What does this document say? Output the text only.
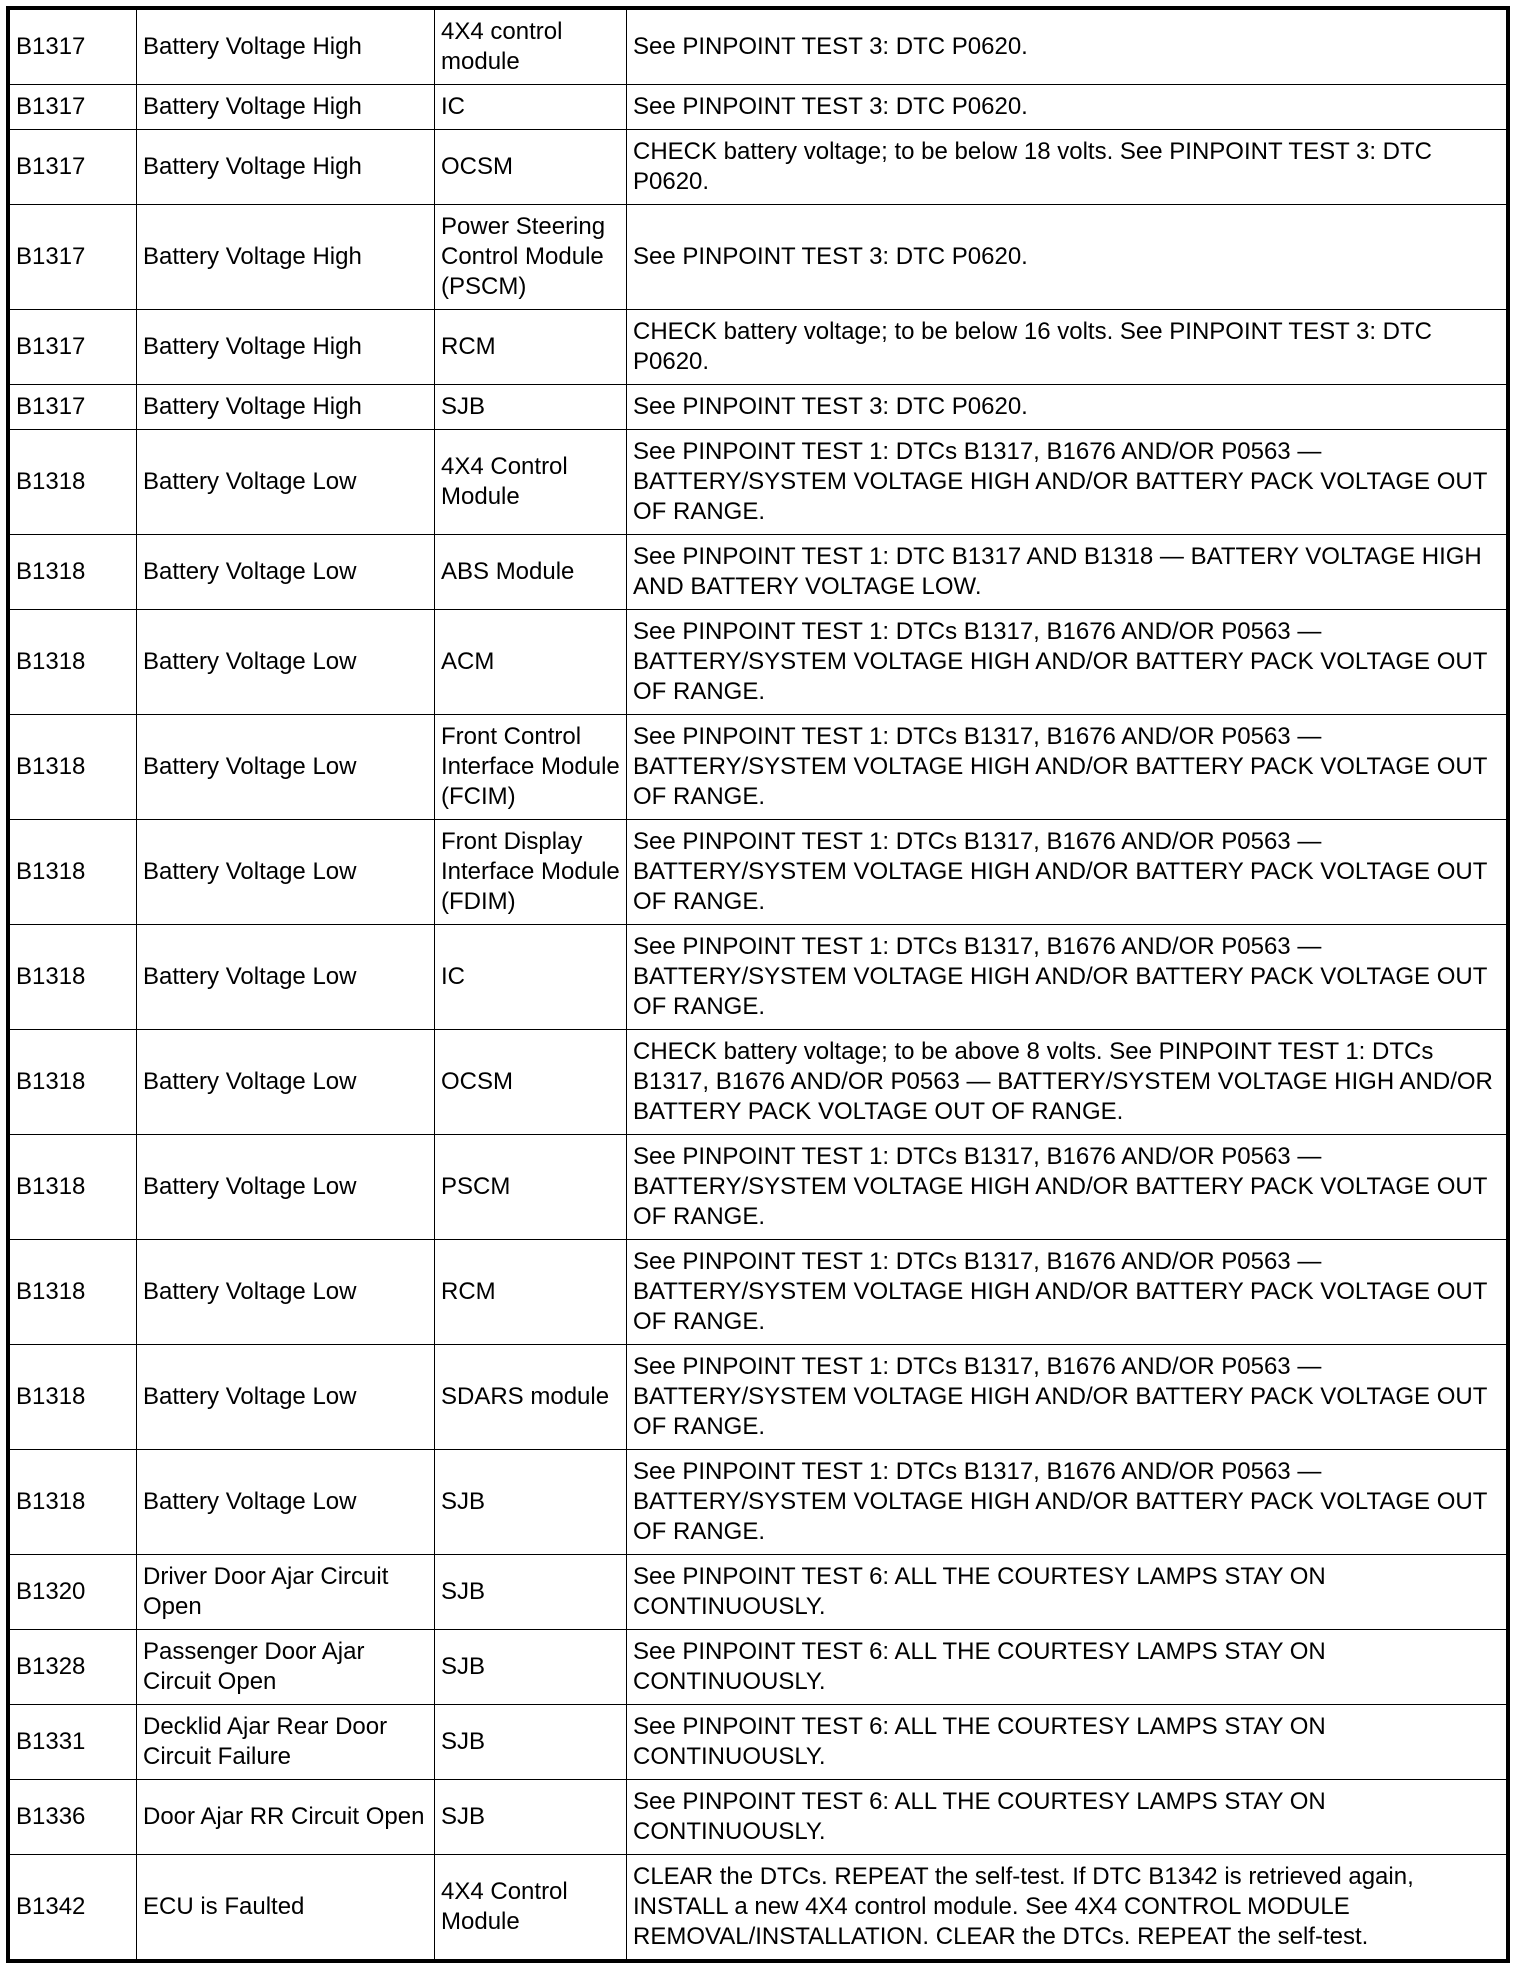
B1317	Battery Voltage High	4X4 control module	See PINPOINT TEST 3: DTC P0620.
B1317	Battery Voltage High	IC	See PINPOINT TEST 3: DTC P0620.
B1317	Battery Voltage High	OCSM	CHECK battery voltage; to be below 18 volts. See PINPOINT TEST 3: DTC P0620.
B1317	Battery Voltage High	Power Steering Control Module (PSCM)	See PINPOINT TEST 3: DTC P0620.
B1317	Battery Voltage High	RCM	CHECK battery voltage; to be below 16 volts. See PINPOINT TEST 3: DTC P0620.
B1317	Battery Voltage High	SJB	See PINPOINT TEST 3: DTC P0620.
B1318	Battery Voltage Low	4X4 Control Module	See PINPOINT TEST 1: DTCs B1317, B1676 AND/OR P0563 — BATTERY/SYSTEM VOLTAGE HIGH AND/OR BATTERY PACK VOLTAGE OUT OF RANGE.
B1318	Battery Voltage Low	ABS Module	See PINPOINT TEST 1: DTC B1317 AND B1318 — BATTERY VOLTAGE HIGH AND BATTERY VOLTAGE LOW.
B1318	Battery Voltage Low	ACM	See PINPOINT TEST 1: DTCs B1317, B1676 AND/OR P0563 — BATTERY/SYSTEM VOLTAGE HIGH AND/OR BATTERY PACK VOLTAGE OUT OF RANGE.
B1318	Battery Voltage Low	Front Control Interface Module (FCIM)	See PINPOINT TEST 1: DTCs B1317, B1676 AND/OR P0563 — BATTERY/SYSTEM VOLTAGE HIGH AND/OR BATTERY PACK VOLTAGE OUT OF RANGE.
B1318	Battery Voltage Low	Front Display Interface Module (FDIM)	See PINPOINT TEST 1: DTCs B1317, B1676 AND/OR P0563 — BATTERY/SYSTEM VOLTAGE HIGH AND/OR BATTERY PACK VOLTAGE OUT OF RANGE.
B1318	Battery Voltage Low	IC	See PINPOINT TEST 1: DTCs B1317, B1676 AND/OR P0563 — BATTERY/SYSTEM VOLTAGE HIGH AND/OR BATTERY PACK VOLTAGE OUT OF RANGE.
B1318	Battery Voltage Low	OCSM	CHECK battery voltage; to be above 8 volts. See PINPOINT TEST 1: DTCs B1317, B1676 AND/OR P0563 — BATTERY/SYSTEM VOLTAGE HIGH AND/OR BATTERY PACK VOLTAGE OUT OF RANGE.
B1318	Battery Voltage Low	PSCM	See PINPOINT TEST 1: DTCs B1317, B1676 AND/OR P0563 — BATTERY/SYSTEM VOLTAGE HIGH AND/OR BATTERY PACK VOLTAGE OUT OF RANGE.
B1318	Battery Voltage Low	RCM	See PINPOINT TEST 1: DTCs B1317, B1676 AND/OR P0563 — BATTERY/SYSTEM VOLTAGE HIGH AND/OR BATTERY PACK VOLTAGE OUT OF RANGE.
B1318	Battery Voltage Low	SDARS module	See PINPOINT TEST 1: DTCs B1317, B1676 AND/OR P0563 — BATTERY/SYSTEM VOLTAGE HIGH AND/OR BATTERY PACK VOLTAGE OUT OF RANGE.
B1318	Battery Voltage Low	SJB	See PINPOINT TEST 1: DTCs B1317, B1676 AND/OR P0563 — BATTERY/SYSTEM VOLTAGE HIGH AND/OR BATTERY PACK VOLTAGE OUT OF RANGE.
B1320	Driver Door Ajar Circuit Open	SJB	See PINPOINT TEST 6: ALL THE COURTESY LAMPS STAY ON CONTINUOUSLY.
B1328	Passenger Door Ajar Circuit Open	SJB	See PINPOINT TEST 6: ALL THE COURTESY LAMPS STAY ON CONTINUOUSLY.
B1331	Decklid Ajar Rear Door Circuit Failure	SJB	See PINPOINT TEST 6: ALL THE COURTESY LAMPS STAY ON CONTINUOUSLY.
B1336	Door Ajar RR Circuit Open	SJB	See PINPOINT TEST 6: ALL THE COURTESY LAMPS STAY ON CONTINUOUSLY.
B1342	ECU is Faulted	4X4 Control Module	CLEAR the DTCs. REPEAT the self-test. If DTC B1342 is retrieved again, INSTALL a new 4X4 control module. See 4X4 CONTROL MODULE REMOVAL/INSTALLATION. CLEAR the DTCs. REPEAT the self-test.
